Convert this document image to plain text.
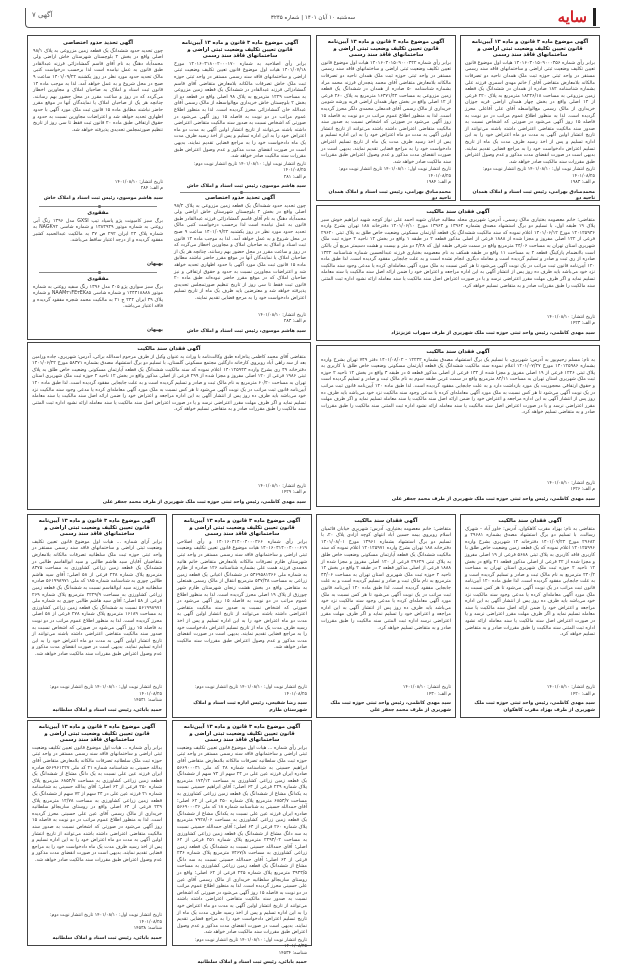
سایه
سه‌شنبه ۱۰ آبان ۱۴۰۱ | شماره ۳۲۴۵
آگهی ۷
آگهی موضوع ماده ۳ قانون و ماده ۱۳ آیین‌نامه قانون تعیین تکلیف وضعیت ثبتی اراضی و ساختمانهای فاقد سند رسمی
برابر رأی شماره ۱۴۰۱۶۰۳۰۱۵۰۹۰۰۰۳۵۶ هیات اول موضوع قانون تعیین تکلیف وضعیت ثبتی اراضی و ساختمانهای فاقد سند رسمی مستقر در واحد ثبتی حوزه ثبت ملک همدان ناحیه دو تصرفات مالکانه بلامعارض متقاضی آقای / خانم مهدی اسمری فرزند علی بشماره شناسنامه ۱۸۲ صادره از همدان در ششدانگ یک قطعه زمین مزروعی به مساحت ۱۸۲۳۶/۱۸ مترمربع به پلاک ۲۲۰ فرعی از ۱۲ اصلی واقع در بخش چهار همدان اراضی قریه جوزان خریداری از مالک رسمی مع‌الواسطه آقای علی آقاعلی محرز گردیده است. لذا به منظور اطلاع عموم مراتب در دو نوبت به فاصله ۱۵ روز آگهی می‌شود در صورتی که اشخاص نسبت به صدور سند مالکیت متقاضی اعتراضی داشته باشند می‌توانند از تاریخ انتشار اولین آگهی به مدت دو ماه اعتراض خود را به این اداره تسلیم و پس از اخذ رسید ظرف مدت یک ماه از تاریخ تسلیم اعتراض دادخواست خود را به مراجع قضایی تقدیم نمایند. بدیهی است در صورت انقضای مدت مذکور و عدم وصول اعتراض طبق مقررات سند مالکیت صادر خواهد شد.
تاریخ انتشار نوبت اول: ۱۴۰۱/۰۸/۱۰ تاریخ انتشار نوبت دوم: ۱۴۰۱/۰۸/۲۵
م الف: ۱۹۸۳
محمدصادق بهرامی، رئیس ثبت اسناد و املاک همدان ناحیه دو
آگهی موضوع ماده ۳ قانون و ماده ۱۳ آیین‌نامه قانون تعیین تکلیف وضعیت ثبتی اراضی و ساختمانهای فاقد سند رسمی
برابر رأی شماره ۱۴۰۱۶۰۳۰۱۵۰۹۰۰۰۳۴۲ هیات اول موضوع قانون تعیین تکلیف وضعیت ثبتی اراضی و ساختمانهای فاقد سند رسمی مستقر در واحد ثبتی حوزه ثبت ملک همدان ناحیه دو تصرفات مالکانه بلامعارض متقاضی آقای محمد پنجه‌ران فرزند محمد مراد بشماره شناسنامه ۵۰ صادره از همدان در ششدانگ یک قطعه زمین مزروعی به مساحت ۱۶۳۷۱/۴۲ مترمربع به پلاک ۲۶۰ فرعی از ۱۲ اصلی واقع در بخش چهار همدان اراضی قریه ورشه شوبین خریداری از مالک رسمی آقای قدمعلی محمدی دلگر محرز گردیده است. لذا به منظور اطلاع عموم مراتب در دو نوبت به فاصله ۱۵ روز آگهی می‌شود در صورتی که اشخاص نسبت به صدور سند مالکیت متقاضی اعتراضی داشته باشند می‌توانند از تاریخ انتشار اولین آگهی به مدت دو ماه اعتراض خود را به این اداره تسلیم و پس از اخذ رسید ظرف مدت یک ماه از تاریخ تسلیم اعتراض دادخواست خود را به مراجع قضایی تقدیم نمایند. بدیهی است در صورت انقضای مدت مذکور و عدم وصول اعتراض طبق مقررات سند مالکیت صادر خواهد شد.
تاریخ انتشار نوبت اول: ۱۴۰۱/۰۸/۱۰ تاریخ انتشار نوبت دوم: ۱۴۰۱/۰۸/۲۵
م الف: ۱۹۸۴
محمدصادق بهرامی، رئیس ثبت اسناد و املاک همدان ناحیه دو
آگهی موضوع ماده ۳ قانون و ماده ۱۳ آیین‌نامه قانون تعیین تکلیف وضعیت ثبتی اراضی و ساختمانهای فاقد سند رسمی
برابر رأی اصلاحیه به شماره ۱۴۰۱۶۰۳۱۸۰۰۲۰۰۰۱۷۰ مورخ ۱۴۰۱/۰۷/۱۸ هیات اول موضوع قانون تعیین تکلیف وضعیت ثبتی اراضی و ساختمانهای فاقد سند رسمی مستقر در واحد ثبتی حوزه ثبت ملک خاش تصرفات مالکانه بلامعارض متقاضی آقای قاسم گمشادزائی فرزند عبدالقادر در ششدانگ یک قطعه زمین مزروعی به مساحت ۱۲۲۹ مترمربع به پلاک ۹۸ اصلی واقع در قطعه دو از بخش ۲ بلوچستان خاش خریداری مع‌الواسطه از مالک رسمی آقای عبدالله خان گمشادزائی محرز گردیده است. لذا به منظور اطلاع عموم مراتب در دو نوبت به فاصله ۱۵ روز آگهی می‌شود در صورتی که اشخاص نسبت به صدور سند مالکیت متقاضی اعتراضی داشته باشند می‌توانند از تاریخ انتشار اولین آگهی به مدت دو ماه اعتراض خود را به این اداره تسلیم و پس از اخذ رسید ظرف مدت یک ماه دادخواست خود را به مراجع قضایی تقدیم نمایند. بدیهی است در صورت انقضای مدت مذکور و عدم وصول اعتراض طبق مقررات سند مالکیت صادر خواهد شد.
تاریخ انتشار نوبت اول: ۱۴۰۱/۰۸/۱۰ تاریخ انتشار نوبت دوم: ۱۴۰۱/۰۸/۲۵
م الف: ۲۸۱
سید هاشم موسوی، رئیس ثبت اسناد و املاک خاش
آگهی تحدید حدود اختصاصی
چون تحدید حدود ششدانگ یک قطعه زمین مزروعی به پلاک ۹۸/۲ اصلی واقع در بخش ۲ بلوچستان شهرستان خاش اراضی ولی محمدآباد دهنگ به نام آقای قاسم گمشادزائی فرزند عبدالقادر طبق قانون به عمل نیامده است لذا برحسب درخواست کتبی مالک تحدید حدود مورد نظر در روز یکشنبه ۱۴۰۱/۰۹/۲۲ ساعت ۹ صبح در محل شروع و به عمل خواهد آمد. لذا به موجب ماده ۱۴ قانون ثبت اسناد و املاک به صاحبان املاک و مجاورین اخطار می‌گردد که در روز و ساعت مقرر در محل حضور بهم رسانند. چنانچه هر یک از صاحبان املاک یا نمایندگان آنها در موقع مقرر حاضر نباشند مطابق ماده ۱۵ قانون ثبت ملک مورد آگهی با حدود اظهاری تحدید خواهد شد و اعتراضات مجاورین نسبت به حدود و حقوق ارتفاقی و نیز صاحبان املاک که در موقع مقرر حاضر نبوده‌اند طبق ماده ۲۰ قانون ثبت فقط تا سی روز از تاریخ تنظیم صورتمجلس تحدیدی پذیرفته خواهد شد و معترضین باید ظرف یک ماه از تاریخ تسلیم اعتراض دادخواست خود را به مرجع قضایی تقدیم نمایند.
تاریخ انتشار: ۱۴۰۱/۰۸/۱۰
م الف: ۲۸۳
سید هاشم موسوی، رئیس ثبت اسناد و املاک خاش
آگهی تحدید حدود اختصاصی
چون تحدید حدود ششدانگ یک قطعه زمین مزروعی به پلاک ۹۸/۱ اصلی واقع در بخش ۲ بلوچستان شهرستان خاش اراضی ولی محمدآباد دهنگ به نام آقای قاسم گمشادزائی فرزند عبدالقادر طبق قانون به عمل نیامده است لذا برحسب درخواست کتبی مالک تحدید حدود مورد نظر در روز یکشنبه ۱۴۰۱/۰۹/۲۲ ساعت ۹ صبح در محل شروع و به عمل خواهد آمد. لذا به موجب ماده ۱۴ قانون ثبت اسناد و املاک به صاحبان املاک و مجاورین اخطار می‌گردد که در روز و ساعت مقرر در محل حضور بهم رسانند. چنانچه هر یک از صاحبان املاک یا نمایندگان آنها در موقع مقرر حاضر نباشند مطابق ماده ۱۵ قانون ثبت ملک مورد آگهی با حدود اظهاری تحدید خواهد شد و اعتراضات مجاورین نسبت به حدود و حقوق ارتفاقی طبق ماده ۲۰ قانون ثبت فقط تا سی روز از تاریخ تنظیم صورتمجلس تحدیدی پذیرفته خواهد شد.
تاریخ انتشار: ۱۴۰۱/۰۸/۱۰
م الف: ۲۸۴
سید هاشم موسوی، رئیس ثبت اسناد و املاک خاش
مفقودی
برگ سبز کامیونت پژو پاسپاد تیپ GXSI مدل ۱۳۹۶ رنگ آبی روغنی به شماره موتور ۱۳۸۳۹۳۹ و شماره شاسی NAGK۹۲ به شماره پلاک ۲۴ ایران ۲۹۲ ص ۳۷ به مالکیت عبدالحمید کشیر مفقود گردیده و از درجه اعتبار ساقط می‌باشد.
بهبهان
مفقودی
برگ سبز سواری پژو ۴۰۵ مدل ۱۳۹۶ رنگ سفید روغنی به شماره موتور ۱۲۴۳۱۸۸۸۸ و شماره شاسی NAAM۳۱FE۳EK۸۵ و شماره پلاک ۳۹ ایران ۲۴۴ ج ۲۱ به مالکیت محمد شجره مفقود گردیده و فاقد اعتبار می‌باشد.
بهبهان
آگهی فقدان سند مالکیت
متقاضی: خانم معصومه بختیاری مالک رسمی، آدرس: شهریری محله مطالبه خیابان شهید احمد علی نواز کوچه شهید ابراهیم خوش سیر پلاک ۱۹ طبقه اول، با تسلیم دو برگ استشهاد مصدق بشماره ۱۳۹۶۲ و ۱۳۹۶۳ مورخ ۱۴۰۱/۰۶/۱۰ دفترخانه ۱۸۸ تهران بشرح وارده ۱۴۰۱۲۵۹۳۶ مورخ ۱۴۰۱/۰۶/۱۲ اعلام نموده که سند مالکیت ششدانگ یک قطعه آپارتمان مسکونی وضعیت خاص طلق به پلاک ثبتی ۲۹۶۲۰ فرعی از ۱۲۲ اصلی مفروز و مجزا شده از ۱۸۸۸ فرعی از اصلی مذکور قطعه ۲ در طبقه ۱ واقع در بخش ۱۲ ناحیه ۲ حوزه ثبت ملک شهریری استان تهران به مساحت ۴۴/۰۶ مترمربع واقع در سمت شرقی طبقه اول که ۲/۲۸ دو متر و بیست و هشت دسیمتر مربع آن بالکن است باانضمام پارکینگ قطعه ۲ به مساحت ۱۱ واقع در طبقه همکف به نام معصومه بختیاری فرزند عبدالحسین شماره شناسنامه ۱۳۳۲ صادره از ری ثبت و صادر و تسلیم گردیده است و معامله دیگری انجام نشده است و به علت جابجایی مفقود گردیده است. لذا طبق ماده ۱۲۰ آیین‌نامه قانون ثبت مراتب در یک نوبت آگهی می‌شود تا هر کس نسبت به ملک مورد آگهی معامله‌ای کرده یا مدعی وجود سند مالکیت نزد خود می‌باشد باید ظرف ده روز پس از انتشار آگهی به این اداره مراجعه و اعتراض خود را ضمن ارائه اصل سند مالکیت یا سند معامله تسلیم نماید و اگر ظرف مهلت مقرر اعتراضی نرسد و یا در صورت اعتراض اصل سند مالکیت یا سند معامله ارائه نشود اداره ثبت المثنی سند مالکیت را طبق مقررات صادر و به متقاضی تسلیم خواهد کرد.
تاریخ انتشار: ۱۴۰۱/۰۸/۱۰
م الف: ۱۴۲۳
سید مهدی کاظمی، رئیس واحد ثبتی حوزه ثبت ملک شهریری از طرف سهراب عزیزنژاد
آگهی فقدان سند مالکیت
متقاضی آقای محمد کاظمی پناه‌زاده طبق وکالت‌نامه با وراث به عنوان وکیل از طرف مرحوم اسدالله برائی، آدرس: شهریری، جاده ورامین بعد از سه راهی آباد روبروی کارخانه دارگلین مجتمع مسکونی گلستان، با تسلیم دو برگ استشهاد مصدق بشماره ۵۸۳۷۱ مورخ ۱۴۰۱/۰۶/۲۲ دفترخانه ۴۹ ری بشرح وارده ۱۴۰۱۲۵۹۴۳ اعلام نموده که سند مالکیت ششدانگ یک قطعه آپارتمان مسکونی وضعیت خاص طلق به پلاک ثبتی ۱۹۸۶ فرعی از ۱۲۰ اصلی مفروز و مجزا شده از ۲۹۹ فرعی از اصلی مذکور واقع در بخش ۱۲ ناحیه ۲ حوزه ثبت ملک شهریری استان تهران به مساحت ۶۰/۲۰ مترمربع به نام مالک ثبت و صادر و تسلیم گردیده است و به علت جابجایی مفقود گردیده است. لذا طبق ماده ۱۲۰ آیین‌نامه قانون ثبت مراتب در یک نوبت آگهی می‌شود تا هر کس نسبت به ملک مورد آگهی معامله‌ای کرده یا مدعی وجود سند مالکیت نزد خود می‌باشد باید ظرف ده روز پس از انتشار آگهی به این اداره مراجعه و اعتراض خود را ضمن ارائه اصل سند مالکیت یا سند معامله تسلیم نماید و اگر ظرف مهلت مقرر اعتراضی نرسد و یا در صورت اعتراض اصل سند مالکیت یا سند معامله ارائه نشود اداره ثبت المثنی سند مالکیت را طبق مقررات صادر و به متقاضی تسلیم خواهد کرد.
تاریخ انتشار: ۱۴۰۱/۰۸/۱۰
م الف: ۱۴۲۹
سید مهدی کاظمی، رئیس واحد ثبتی حوزه ثبت ملک شهریری از طرف محمد جعفر علی
آگهی فقدان سند مالکیت
به نام: مسلم رحیم‌پور به آدرس: شهریری، با تسلیم یک برگ استشهاد مصدق بشماره ۱۲۲۴۲ - ۱۴۰۱/۰۸/۰۲ دفتر ۷۴۹ تهران بشرح وارده بشماره ۱۴۰۱۲۵۹۸۶ مورخ ۱۴۰۱/۰۷/۲۷ اعلام نموده سند مالکیت ششدانگ یک قطعه آپارتمان مسکونی وضعیت خاص طلق با کاربری به پلاک ثبتی ۱۲۴۶ فرعی از ۱۹ اصلی مفروز و مجزا شده از ۱۳۴ فرعی از اصلی مذکور قطعه ۵ در طبقه ۳ واقع در بخش ۱۲ ناحیه ۲ حوزه ثبت ملک شهریری استان تهران به مساحت ۸۴/۱۱ مترمربع واقع در سمت غربی طبقه سوم به نام مالک ثبت و صادر و تسلیم گردیده است و حقوق ارتفاقی محجوریت یک مورد بازداشت دارد و به علت جابجایی مفقود گردیده است. لذا طبق ماده ۱۲۰ آیین‌نامه قانون ثبت مراتب در یک نوبت آگهی می‌شود تا هر کس نسبت به ملک مورد آگهی معامله‌ای کرده یا مدعی وجود سند مالکیت نزد خود می‌باشد باید ظرف ده روز پس از انتشار آگهی به این اداره مراجعه و اعتراض خود را ضمن ارائه اصل سند مالکیت یا سند معامله تسلیم نماید و اگر ظرف مهلت مقرر اعتراضی نرسد و یا در صورت اعتراض اصل سند مالکیت یا سند معامله ارائه نشود اداره ثبت المثنی سند مالکیت را طبق مقررات صادر و به متقاضی تسلیم خواهد کرد.
تاریخ انتشار: ۱۴۰۱/۰۸/۱۰
م الف: ۱۴۲۶
سید مهدی کاظمی، رئیس واحد ثبتی حوزه ثبت ملک شهریری از طرف محمد جعفر علی
آگهی فقدان سند مالکیت
متقاضی به نام: بهزاد مقرب کاهکوان، آدرس: خاور آباد - شهرک رسالت، با تسلیم دو برگ استشهاد مصدق بشماره ۲۹۶۸۱ و ۲۹۶۸۲ مورخ ۱۴۰۱/۰۷/۲۲ دفترخانه ۱۲ شهریری بشرح وارده ۱۴۰۱۲۵۹۹۶ اعلام نموده که یک قطعه زمین وضعیت خاص طلق با کاربری فاقد کاربری به پلاک ثبتی ۵۶۸۸ فرعی از ۱۹ اصلی مفروز و مجزا شده از ۲۲ فرعی از اصلی مذکور قطعه ۲۱ واقع در بخش ۱۲ ناحیه ۲ حوزه ثبت ملک شهریری استان تهران به مساحت ۲۴۰/۲ مترمربع به نام مالک ثبت و صادر و تسلیم گردیده است و به علت جابجایی مفقود گردیده است. لذا طبق ماده ۱۲۰ آیین‌نامه قانون ثبت مراتب در یک نوبت آگهی می‌شود تا هر کس نسبت به ملک مورد آگهی معامله‌ای کرده یا مدعی وجود سند مالکیت نزد خود می‌باشد باید ظرف ده روز پس از انتشار آگهی به این اداره مراجعه و اعتراض خود را ضمن ارائه اصل سند مالکیت یا سند معامله تسلیم نماید و اگر ظرف مهلت مقرر اعتراضی نرسد و یا در صورت اعتراض اصل سند مالکیت یا سند معامله ارائه نشود اداره ثبت المثنی سند مالکیت را طبق مقررات صادر و به متقاضی تسلیم خواهد کرد.
تاریخ انتشار: ۱۴۰۱/۰۸/۱۰
م الف: ۱۴۲۰
سید مهدی کاظمی، رئیس واحد ثبتی حوزه ثبت ملک شهریری از طرف بهزاد مقرب کاهکوان
آگهی فقدان سند مالکیت
متقاضی: خانم معصومه بختیاری، آدرس: شهریری خیابان قائمیان اسلام روبروی بیمه حسین آباد انتهای کوچه آزادی پلاک ۲۰، با تسلیم دو برگ استشهاد بشماره ۱۳۹۶۱ مورخ ۱۴۰۱/۰۸/۰۱ دفترخانه ۱۸۸ تهران بشرح وارده ۱۴۰۱۲۵۹۷۱ اعلام نموده که سند مالکیت ششدانگ یک قطعه آپارتمان مسکونی وضعیت خاص طلق به پلاک ثبتی ۲۹۶۲۹ فرعی از ۱۲۰ اصلی مفروز و مجزا شده از ۱۸۸۸ فرعی از اصلی مذکور قطعه ۲ در طبقه ۲ واقع در بخش ۱۲ ناحیه ۲ حوزه ثبت ملک شهریری استان تهران به مساحت ۴۴/۰۶ مترمربع به نام مالک ثبت و صادر و تسلیم گردیده است و به علت جابجایی مفقود گردیده است. لذا طبق ماده ۱۲۰ آیین‌نامه قانون ثبت مراتب در یک نوبت آگهی می‌شود تا هر کس نسبت به ملک مورد آگهی معامله‌ای کرده یا مدعی وجود سند مالکیت نزد خود می‌باشد باید ظرف ده روز پس از انتشار آگهی به این اداره مراجعه و اعتراض خود را تسلیم نماید و اگر ظرف مهلت مقرر اعتراضی نرسد اداره ثبت المثنی سند مالکیت را طبق مقررات صادر و به متقاضی تسلیم خواهد کرد.
تاریخ انتشار: ۱۴۰۱/۰۸/۱۰
م الف: ۱۴۳۰
سید مهدی کاظمی، رئیس واحد ثبتی حوزه ثبت ملک شهریری از طرف محمد جعفر علی
آگهی موضوع ماده ۳ قانون و ماده ۱۳ آیین‌نامه قانون تعیین تکلیف وضعیت ثبتی اراضی و ساختمانهای فاقد سند رسمی
برابر رأی شماره ۱۴۰۱۶۰۳۱۴۰۰۴۰۰۰۳۶۶ و رأی اصلاحی ۱۴۰۱۶۰۳۱۴۰۰۴۰۰۰۶۱۹ هیات موضوع قانون تعیین تکلیف وضعیت ثبتی اراضی و ساختمانهای فاقد سند رسمی مستقر در واحد ثبتی شهرستان طارم تصرفات مالکانه بلامعارض متقاضی خانم هانیه محمدی فرزند همت علی بشماره شناسنامه ۱۲۶ صادره از طارم به شماره ملی ۵۳۶۹۵۸۱۳۶۶ در ششدانگ اعیانی یک قطعه زمین زراعی به مساحت ۵۴۷/۳۸ مترمربع انتقال از مالک رسمی همتعلی به متقاضی واقع در بخش هشت زنجان شهرستان طارم شهر چورزق از پلاک ۱۹ اصلی محرز گردیده است. لذا به منظور اطلاع عموم مراتب در دو نوبت به فاصله ۱۵ روز آگهی می‌شود در صورتی که اشخاص نسبت به صدور سند مالکیت متقاضی اعتراضی داشته باشند می‌توانند از تاریخ انتشار اولین آگهی به مدت دو ماه اعتراض خود را به این اداره تسلیم و پس از اخذ رسید ظرف مدت یک ماه از تاریخ تسلیم اعتراض دادخواست خود را به مراجع قضایی تقدیم نمایند. بدیهی است در صورت انقضای مدت مذکور و عدم وصول اعتراض طبق مقررات سند مالکیت صادر خواهد شد.
تاریخ انتشار نوبت اول: ۱۴۰۱/۰۸/۱۰ تاریخ انتشار نوبت دوم: ۱۴۰۱/۰۸/۲۵
سید رضا شفیعی، رئیس اداره ثبت اسناد و املاک شهرستان طارم
آگهی موضوع ماده ۳ قانون و ماده ۱۳ آیین‌نامه قانون تعیین تکلیف وضعیت ثبتی اراضی و ساختمانهای فاقد سند رسمی
برابر آرای شماره ... هیات اول موضوع قانون تعیین تکلیف وضعیت ثبتی اراضی و ساختمانهای فاقد سند رسمی مستقر در واحد ثبتی حوزه ثبت ملک سلطانیه تصرفات مالکانه بلامعارض متقاضیان آقایان سید هاشم طالبی و سید ابوالقاسم طالبی در ششدانگ یک قطعه زمین زراعی کشاورزی به مساحت ۸۳۷۵ مترمربع پلاک شماره ۲۴۸ فرعی از ۵۸ اصلی؛ آقای سید هاشم طالبی چوری به شناسنامه شماره ۱۸۵ کد ملی ۵۶۱۹۹۸۹۷۱ صادره سلطانیه فرزند سید ابوالقاسم نسبت به ششدانگ یک قطعه زمین زراعی کشاورزی به مساحت ۲۲۲۹/۹ مترمربع پلاک شماره ۲۶۹ فرعی از ۵۸ اصلی؛ آقای سید هاشم طالبی چوری به شماره ملی ۵۶۱۹۹۸۹۷۱ نسبت به ششدانگ یک قطعه زمین زراعی کشاورزی به مساحت ۱۶۱۸۹ مترمربع پلاک شماره ۲۷۸ فرعی از ۵۸ اصلی محرز گردیده است. لذا به منظور اطلاع عموم مراتب در دو نوبت به فاصله ۱۵ روز آگهی می‌شود در صورتی که اشخاص نسبت به صدور سند مالکیت متقاضی اعتراضی داشته باشند می‌توانند از تاریخ انتشار اولین آگهی به مدت دو ماه اعتراض خود را به این اداره تسلیم نمایند. بدیهی است در صورت انقضای مدت مذکور و عدم وصول اعتراض طبق مقررات سند مالکیت صادر خواهد شد.
تاریخ انتشار نوبت اول: ۱۴۰۱/۰۸/۱۰ تاریخ انتشار نوبت دوم: ۱۴۰۱/۰۸/۲۵
شناسه: ۱۴۵۳۱
حمید بابائی، رئیس ثبت اسناد و املاک سلطانیه
آگهی موضوع ماده ۳ قانون و ماده ۱۳ آیین‌نامه قانون تعیین تکلیف وضعیت ثبتی اراضی و ساختمانهای فاقد سند رسمی
برابر رأی شماره ... هیات اول موضوع قانون تعیین تکلیف وضعیت ثبتی اراضی و ساختمانهای فاقد سند رسمی مستقر در واحد ثبتی حوزه ثبت ملک سلطانیه تصرفات مالکانه بلامعارض متقاضی آقای یدالله حسینی به شناسنامه شماره ۲۱ کد ملی ۵۶۶۹۶۱۲۲۷ صادره ایران فرزند عین علی نسبت به یک دانگ مشاع از ششدانگ یک قطعه زمین زراعی کشاورزی به مساحت ۶۸۵۳/۷ مترمربع پلاک شماره ۲۵۰ فرعی از ۶۴ اصلی؛ آقای یدالله حسینی به شناسنامه شماره ۲۱ فرزند عین علی در ۲۴ سهم از ۷۲ سهم از ششدانگ یک قطعه زمین زراعی کشاورزی به مساحت ۱۲/۷۸ مترمربع پلاک ۲۲۹ فرعی از ۶۴ اصلی واقع در روستای ساریجالو سلطانیه خریداری از مالک رسمی آقای عین علی حسینی محرز گردیده است. لذا به منظور اطلاع عموم مراتب در دو نوبت به فاصله ۱۵ روز آگهی می‌شود در صورتی که اشخاص نسبت به صدور سند مالکیت متقاضی اعتراضی داشته باشند می‌توانند از تاریخ انتشار اولین آگهی به مدت دو ماه اعتراض خود را به این اداره تسلیم و پس از اخذ رسید ظرف مدت یک ماه دادخواست خود را به مراجع قضایی تقدیم نمایند. بدیهی است در صورت انقضای مدت مذکور و عدم وصول اعتراض طبق مقررات سند مالکیت صادر خواهد شد.
تاریخ انتشار نوبت اول: ۱۴۰۱/۰۸/۱۰ تاریخ انتشار نوبت دوم: ۱۴۰۱/۰۸/۲۵
شناسه: ۱۴۵۳۸
حمید بابائی، رئیس ثبت اسناد و املاک سلطانیه
آگهی موضوع ماده ۳ قانون و ماده ۱۳ آیین‌نامه قانون تعیین تکلیف وضعیت ثبتی اراضی و ساختمانهای فاقد سند رسمی
برابر رأی شماره ... هیات اول موضوع قانون تعیین تکلیف وضعیت ثبتی اراضی و ساختمانهای فاقد سند رسمی مستقر در واحد ثبتی حوزه ثبت ملک سلطانیه تصرفات مالکانه بلامعارض متقاضی آقای ابراهیم حسینی به شناسنامه شماره ۲۸ کد ملی ۵۶۶۹۰۰۰۳۱ صادره ایران فرزند عین علی در ۲۴ سهم از ۷۲ سهم از ششدانگ یک قطعه زمین زراعی کشاورزی به مساحت ۱۷۴/۱۴ مترمربع پلاک شماره ۲۲۹ فرعی از ۶۴ اصلی؛ آقای ابراهیم حسینی نسبت به یکدانگ مشاع از ششدانگ یک قطعه زمین زراعی کشاورزی به مساحت ۶۸۵۳/۷ مترمربع پلاک شماره ۲۵۰ فرعی از ۶۴ اصلی؛ آقای حمدالله حسینی به شناسنامه شماره ۱۸ کد ملی ۵۶۶۹۰۰۰۳۶ صادره ایران فرزند عین علی نسبت به یکدانگ مشاع از ششدانگ یک قطعه زمین زراعی کشاورزی به مساحت ۷۹۲۸/۰۶ مترمربع پلاک شماره ۲۶۰ فرعی از ۶۴ اصلی؛ آقای حمدالله حسینی نسبت به سه دانگ مشاع از ششدانگ یک قطعه زمین زراعی کشاورزی به مساحت ۲۴۹۳/۰۲ مترمربع پلاک شماره ۲۵۱ فرعی از ۶۴ اصلی؛ آقای حمدالله حسینی نسبت به ششدانگ یک قطعه زمین زراعی کشاورزی به مساحت ۷۴۶۷/۸ مترمربع پلاک شماره ۲۳۶ فرعی از ۶۴ اصلی؛ آقای حمدالله حسینی نسبت به سه دانگ مشاع از ششدانگ یک قطعه زمین زراعی کشاورزی به مساحت ۳۹۴۳/۵ مترمربع پلاک شماره ۲۴۵ فرعی از ۶۴ اصلی؛ واقع در روستای ساریجالو سلطانیه خریداری از مالک رسمی آقای عین علی حسینی محرز گردیده است. لذا به منظور اطلاع عموم مراتب در دو نوبت به فاصله ۱۵ روز آگهی می‌شود در صورتی که اشخاص نسبت به صدور سند مالکیت متقاضی اعتراضی داشته باشند می‌توانند از تاریخ انتشار اولین آگهی به مدت دو ماه اعتراض خود را به این اداره تسلیم و پس از اخذ رسید ظرف مدت یک ماه از تاریخ تسلیم اعتراض دادخواست خود را به مراجع قضایی تقدیم نمایند. بدیهی است در صورت انقضای مدت مذکور و عدم وصول اعتراض طبق مقررات سند مالکیت صادر خواهد شد.
تاریخ انتشار نوبت اول: ۱۴۰۱/۰۸/۱۰ تاریخ انتشار نوبت دوم: ۱۴۰۱/۰۸/۲۵
شناسه: ۱۴۵۳۴
حمید بابائی، رئیس ثبت اسناد و املاک سلطانیه
